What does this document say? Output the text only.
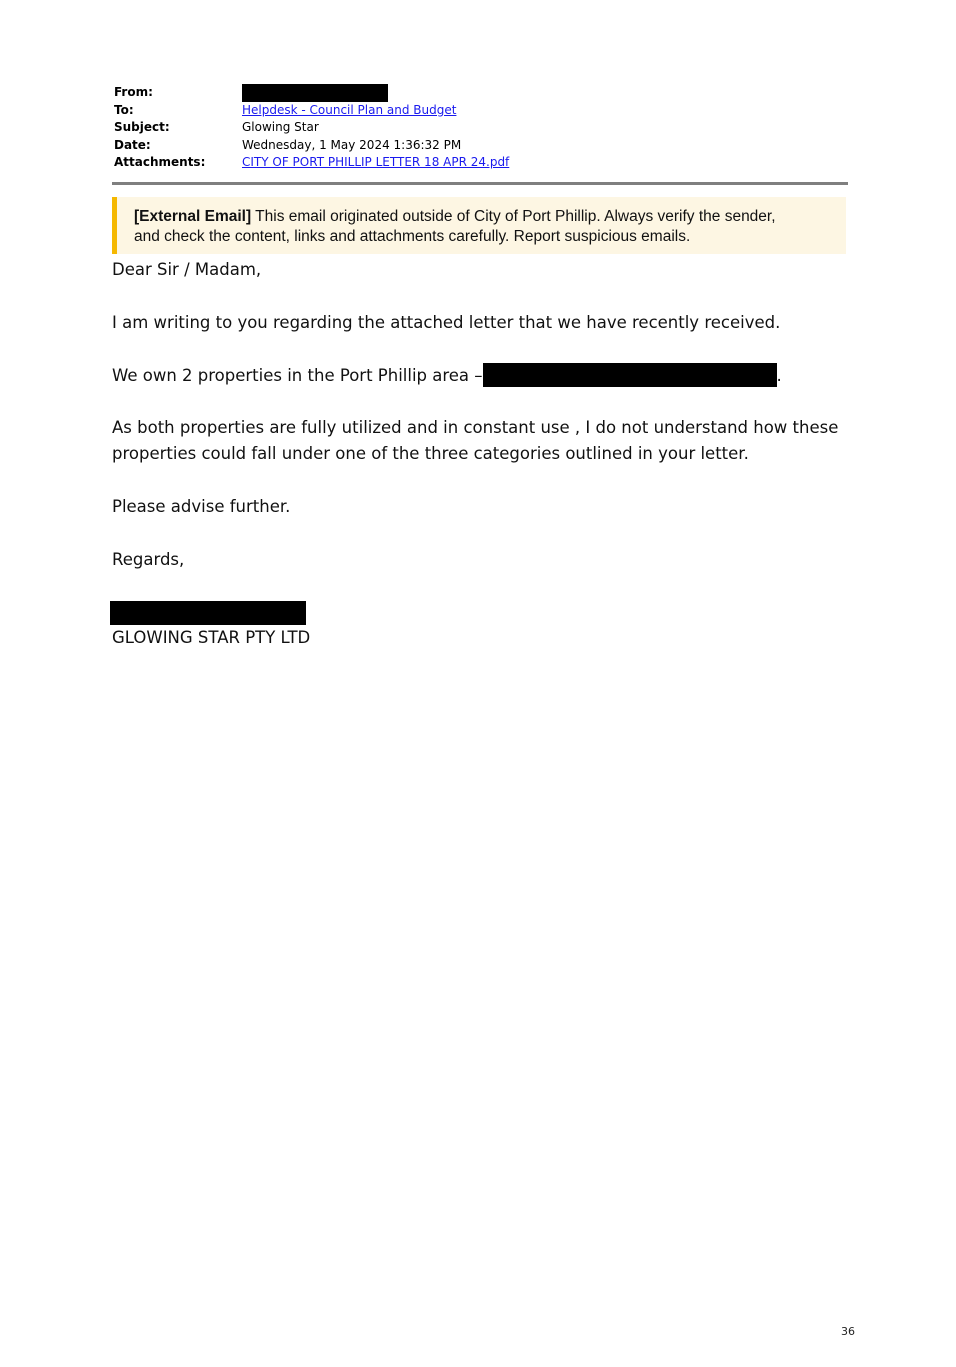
From:
To:	Helpdesk - Council Plan and Budget
Subject:	Glowing Star
Date:	Wednesday, 1 May 2024 1:36:32 PM
Attachments:	CITY OF PORT PHILLIP LETTER 18 APR 24.pdf
[External Email] This email originated outside of City of Port Phillip. Always verify the sender,
and check the content, links and attachments carefully. Report suspicious emails.
Dear Sir / Madam,
I am writing to you regarding the attached letter that we have recently received.
We own 2 properties in the Port Phillip area –	.
As both properties are fully utilized and in constant use , I do not understand how these
properties could fall under one of the three categories outlined in your letter.
Please advise further.
Regards,
GLOWING STAR PTY LTD
36
